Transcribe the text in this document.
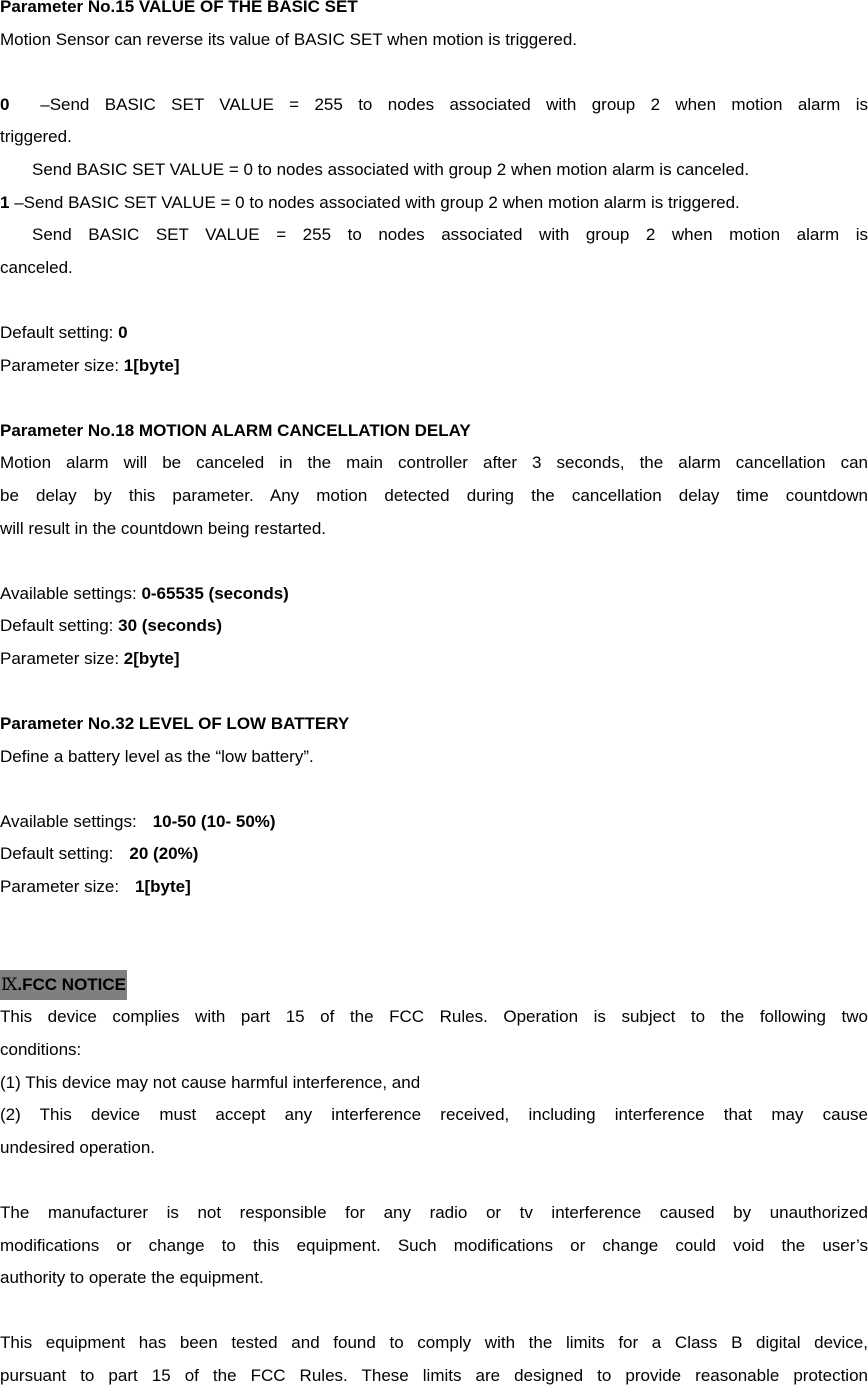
Parameter No.15 VALUE OF THE BASIC SET

Motion Sensor can reverse its value of BASIC SET when motion is triggered.

0 –Send BASIC SET VALUE = 255 to nodes associated with group 2 when motion alarm is

triggered.

Send BASIC SET VALUE = 0 to nodes associated with group 2 when motion alarm is canceled.

1 –Send BASIC SET VALUE = 0 to nodes associated with group 2 when motion alarm is triggered.

Send BASIC SET VALUE = 255 to nodes associated with group 2 when motion alarm is

canceled.

Default setting: 0

Parameter size: 1[byte]

Parameter No.18 MOTION ALARM CANCELLATION DELAY

Motion alarm will be canceled in the main controller after 3 seconds, the alarm cancellation can

be delay by this parameter. Any motion detected during the cancellation delay time countdown

will result in the countdown being restarted.

Available settings: 0-65535 (seconds)

Default setting: 30 (seconds)

Parameter size: 2[byte]

Parameter No.32 LEVEL OF LOW BATTERY

Define a battery level as the “low battery”.

Available settings: 10-50 (10- 50%)

Default setting: 20 (20%)

Parameter size: 1[byte]

Ⅸ.FCC NOTICE

This device complies with part 15 of the FCC Rules. Operation is subject to the following two

conditions:

(1) This device may not cause harmful interference, and

(2) This device must accept any interference received, including interference that may cause

undesired operation.

The manufacturer is not responsible for any radio or tv interference caused by unauthorized

modifications or change to this equipment. Such modifications or change could void the user’s

authority to operate the equipment.

This equipment has been tested and found to comply with the limits for a Class B digital device,

pursuant to part 15 of the FCC Rules. These limits are designed to provide reasonable protection
